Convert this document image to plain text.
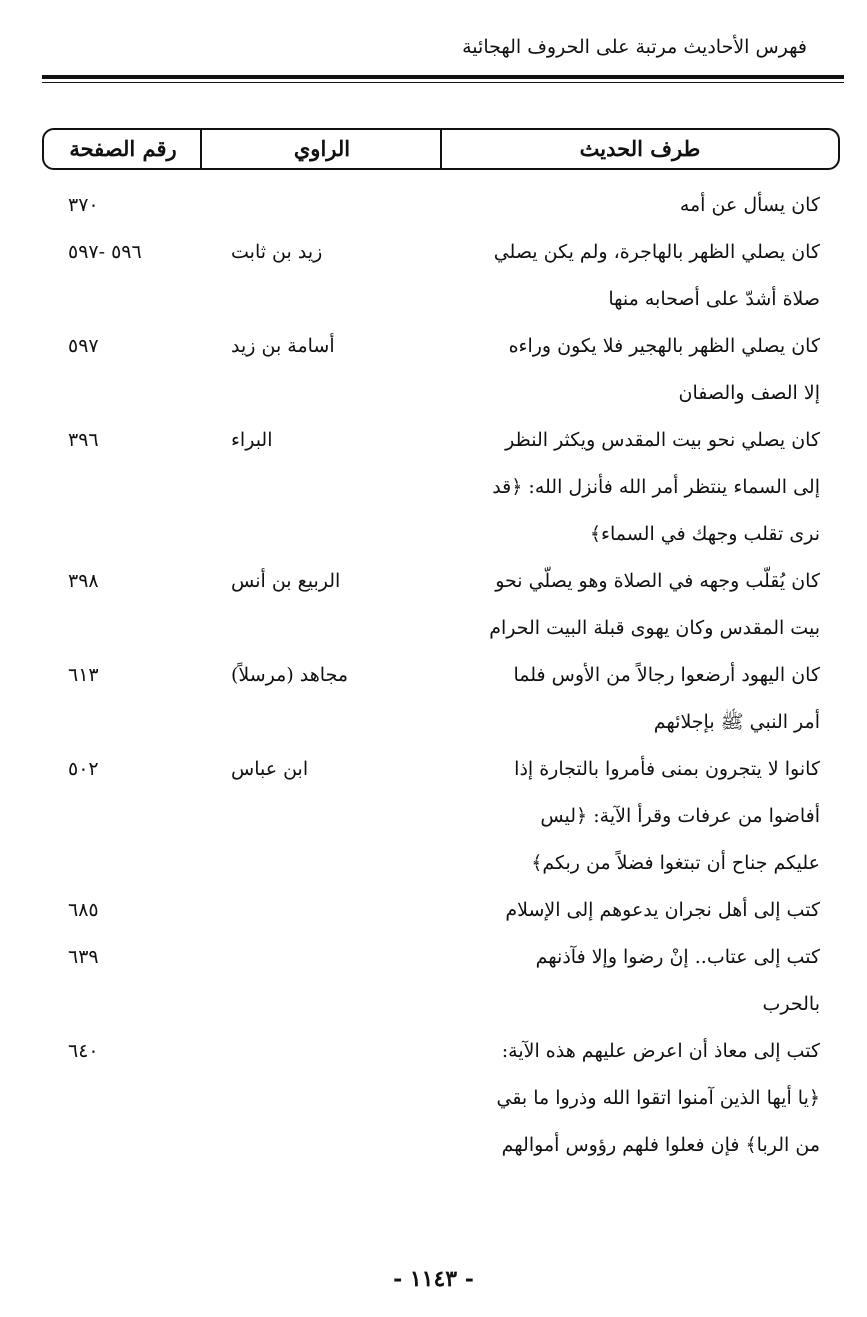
فهرس الأحاديث مرتبة على الحروف الهجائية
طرف الحديث
الراوي
رقم الصفحة
كان يسأل عن أمه
٣٧٠
كان يصلي الظهر بالهاجرة، ولم يكن يصلي
صلاة أشدّ على أصحابه منها
زيد بن ثابت
٥٩٦ -٥٩٧
كان يصلي الظهر بالهجير فلا يكون وراءه
إلا الصف والصفان
أسامة بن زيد
٥٩٧
كان يصلي نحو بيت المقدس ويكثر النظر
إلى السماء ينتظر أمر الله فأنزل الله: ﴿قد
نرى تقلب وجهك في السماء﴾
البراء
٣٩٦
كان يُقلّب وجهه في الصلاة وهو يصلّي نحو
بيت المقدس وكان يهوى قبلة البيت الحرام
الربيع بن أنس
٣٩٨
كان اليهود أرضعوا رجالاً من الأوس فلما
أمر النبي ﷺ بإجلائهم
مجاهد (مرسلاً)
٦١٣
كانوا لا يتجرون بمنى فأمروا بالتجارة إذا
أفاضوا من عرفات وقرأ الآية: ﴿ليس
عليكم جناح أن تبتغوا فضلاً من ربكم﴾
ابن عباس
٥٠٢
كتب إلى أهل نجران يدعوهم إلى الإسلام
٦٨٥
كتب إلى عتاب.. إنْ رضوا وإلا فآذنهم
بالحرب
٦٣٩
كتب إلى معاذ أن اعرض عليهم هذه الآية:
﴿يا أيها الذين آمنوا اتقوا الله وذروا ما بقي
من الربا﴾ فإن فعلوا فلهم رؤوس أموالهم
٦٤٠
- ١١٤٣ -
